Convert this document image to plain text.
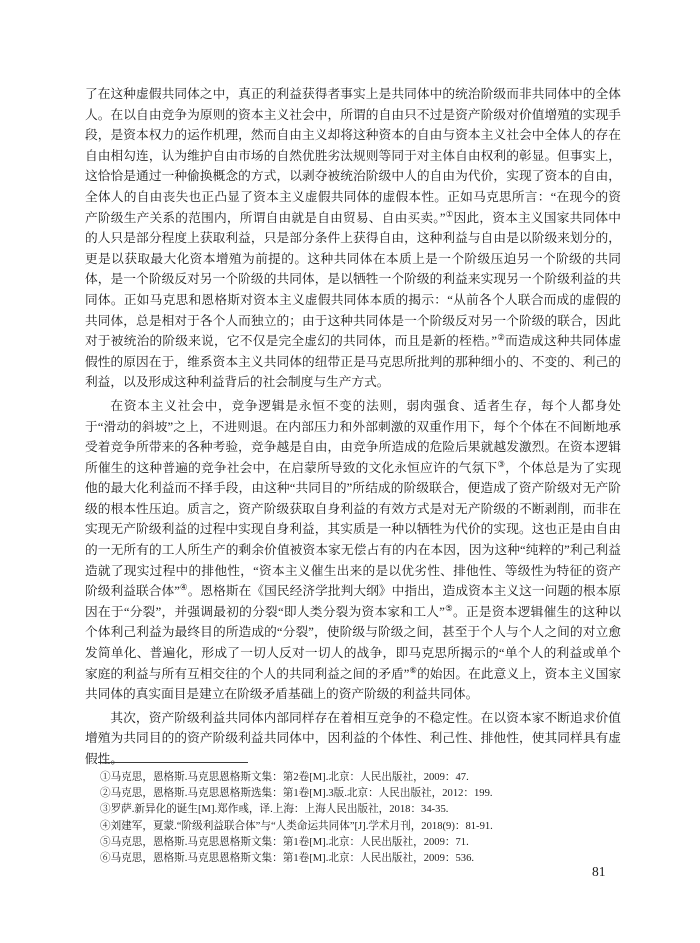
了在这种虚假共同体之中，真正的利益获得者事实上是共同体中的统治阶级而非共同体中的全体人。在以自由竞争为原则的资本主义社会中，所谓的自由只不过是资产阶级对价值增殖的实现手段，是资本权力的运作机理，然而自由主义却将这种资本的自由与资本主义社会中全体人的存在自由相勾连，认为维护自由市场的自然优胜劣汰规则等同于对主体自由权利的彰显。但事实上，这恰恰是通过一种偷换概念的方式，以剥夺被统治阶级中人的自由为代价，实现了资本的自由，全体人的自由丧失也正凸显了资本主义虚假共同体的虚假本性。正如马克思所言：“在现今的资产阶级生产关系的范围内，所谓自由就是自由贸易、自由买卖。”①因此，资本主义国家共同体中的人只是部分程度上获取利益，只是部分条件上获得自由，这种利益与自由是以阶级来划分的，更是以获取最大化资本增殖为前提的。这种共同体在本质上是一个阶级压迫另一个阶级的共同体，是一个阶级反对另一个阶级的共同体，是以牺牲一个阶级的利益来实现另一个阶级利益的共同体。正如马克思和恩格斯对资本主义虚假共同体本质的揭示：“从前各个人联合而成的虚假的共同体，总是相对于各个人而独立的；由于这种共同体是一个阶级反对另一个阶级的联合，因此对于被统治的阶级来说，它不仅是完全虚幻的共同体，而且是新的桎梏。”②而造成这种共同体虚假性的原因在于，维系资本主义共同体的纽带正是马克思所批判的那种细小的、不变的、利己的利益，以及形成这种利益背后的社会制度与生产方式。

在资本主义社会中，竞争逻辑是永恒不变的法则，弱肉强食、适者生存，每个人都身处于“滑动的斜坡”之上，不进则退。在内部压力和外部刺激的双重作用下，每个个体在不间断地承受着竞争所带来的各种考验，竞争越是自由，由竞争所造成的危险后果就越发激烈。在资本逻辑所催生的这种普遍的竞争社会中，在启蒙所导致的文化永恒应许的气氛下③，个体总是为了实现他的最大化利益而不择手段，由这种“共同目的”所结成的阶级联合，便造成了资产阶级对无产阶级的根本性压迫。质言之，资产阶级获取自身利益的有效方式是对无产阶级的不断剥削，而非在实现无产阶级利益的过程中实现自身利益，其实质是一种以牺牲为代价的实现。这也正是由自由的一无所有的工人所生产的剩余价值被资本家无偿占有的内在本因，因为这种“纯粹的”利己利益造就了现实过程中的排他性，“资本主义催生出来的是以优劣性、排他性、等级性为特征的资产阶级利益联合体”④。恩格斯在《国民经济学批判大纲》中指出，造成资本主义这一问题的根本原因在于“分裂”，并强调最初的分裂“即人类分裂为资本家和工人”⑤。正是资本逻辑催生的这种以个体利己利益为最终目的所造成的“分裂”，使阶级与阶级之间，甚至于个人与个人之间的对立愈发简单化、普遍化，形成了一切人反对一切人的战争，即马克思所揭示的“单个人的利益或单个家庭的利益与所有互相交往的个人的共同利益之间的矛盾”⑥的始因。在此意义上，资本主义国家共同体的真实面目是建立在阶级矛盾基础上的资产阶级的利益共同体。

其次，资产阶级利益共同体内部同样存在着相互竞争的不稳定性。在以资本家不断追求价值增殖为共同目的的资产阶级利益共同体中，因利益的个体性、利己性、排他性，使其同样具有虚假性。

①马克思，恩格斯.马克思恩格斯文集：第2卷[M].北京：人民出版社，2009：47.
②马克思，恩格斯.马克思恩格斯选集：第1卷[M].3版.北京：人民出版社，2012：199.
③罗萨.新异化的诞生[M].郑作彧，译.上海：上海人民出版社，2018：34-35.
④刘建军，夏蒙.“阶级利益联合体”与“人类命运共同体”[J].学术月刊，2018(9)：81-91.
⑤马克思，恩格斯.马克思恩格斯文集：第1卷[M].北京：人民出版社，2009：71.
⑥马克思，恩格斯.马克思恩格斯文集：第1卷[M].北京：人民出版社，2009：536.
81
